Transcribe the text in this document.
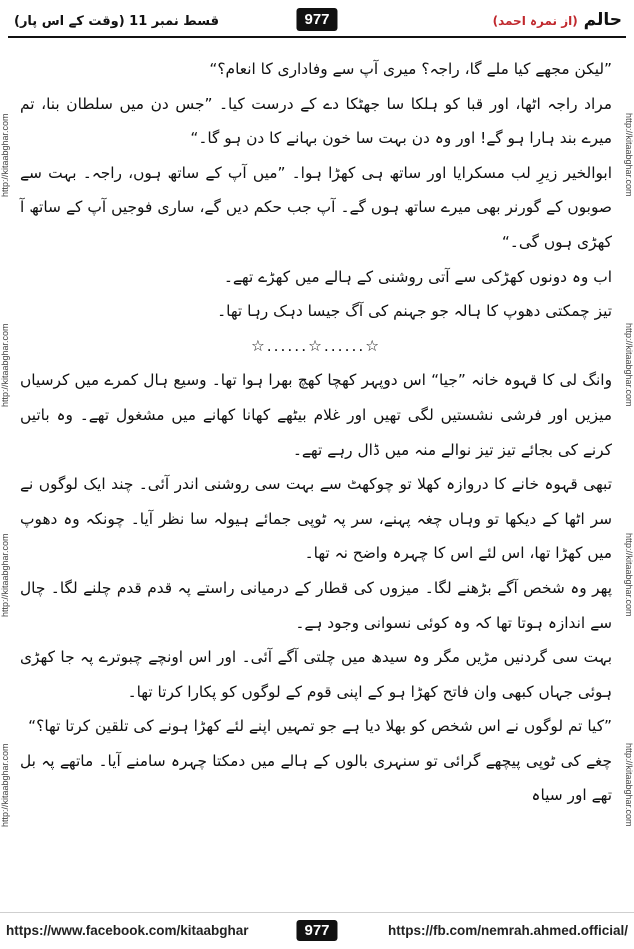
حالم (از نمرہ احمد)
977
قسط نمبر 11 (وقت کے اس پار)
http://kitaabghar.com
http://kitaabghar.com
http://kitaabghar.com
http://kitaabghar.com
http://kitaabghar.com
http://kitaabghar.com
http://kitaabghar.com
http://kitaabghar.com

”لیکن مجھے کیا ملے گا، راجہ؟ میری آپ سے وفاداری کا انعام؟“

مراد راجہ اٹھا، اور قبا کو ہلکا سا جھٹکا دے کے درست کیا۔ ”جس دن میں سلطان بنا، تم میرے بند ہارا ہو گے! اور وہ دن بہت سا خون بہانے کا دن ہو گا۔“

ابوالخیر زیرِ لب مسکرایا اور ساتھ ہی کھڑا ہوا۔ ”میں آپ کے ساتھ ہوں، راجہ۔ بہت سے صوبوں کے گورنر بھی میرے ساتھ ہوں گے۔ آپ جب حکم دیں گے، ساری فوجیں آپ کے ساتھ آ کھڑی ہوں گی۔“

اب وہ دونوں کھڑکی سے آتی روشنی کے ہالے میں کھڑے تھے۔

تیز چمکتی دھوپ کا ہالہ جو جہنم کی آگ جیسا دہک رہا تھا۔

☆......☆......☆

وانگ لی کا قہوہ خانہ ”جیا“ اس دوپہر کھچا کھچ بھرا ہوا تھا۔ وسیع ہال کمرے میں کرسیاں میزیں اور فرشی نشستیں لگی تھیں اور غلام بیٹھے کھانا کھانے میں مشغول تھے۔ وہ باتیں کرنے کی بجائے تیز تیز نوالے منہ میں ڈال رہے تھے۔

تبھی قہوہ خانے کا دروازہ کھلا تو چوکھٹ سے بہت سی روشنی اندر آئی۔ چند ایک لوگوں نے سر اٹھا کے دیکھا تو وہاں چغہ پہنے، سر پہ ٹوپی جمائے ہیولہ سا نظر آیا۔ چونکہ وہ دھوپ میں کھڑا تھا، اس لئے اس کا چہرہ واضح نہ تھا۔

پھر وہ شخص آگے بڑھنے لگا۔ میزوں کی قطار کے درمیانی راستے پہ قدم قدم چلنے لگا۔ چال سے اندازہ ہوتا تھا کہ وہ کوئی نسوانی وجود ہے۔

بہت سی گردنیں مڑیں مگر وہ سیدھ میں چلتی آگے آئی۔ اور اس اونچے چبوترے پہ جا کھڑی ہوئی جہاں کبھی وان فاتح کھڑا ہو کے اپنی قوم کے لوگوں کو پکارا کرتا تھا۔

”کیا تم لوگوں نے اس شخص کو بھلا دیا ہے جو تمہیں اپنے لئے کھڑا ہونے کی تلقین کرتا تھا؟“

چغے کی ٹوپی پیچھے گرائی تو سنہری بالوں کے ہالے میں دمکتا چہرہ سامنے آیا۔ ماتھے پہ بل تھے اور سیاہ

https://www.facebook.com/kitaabghar	977	https://fb.com/nemrah.ahmed.official/
